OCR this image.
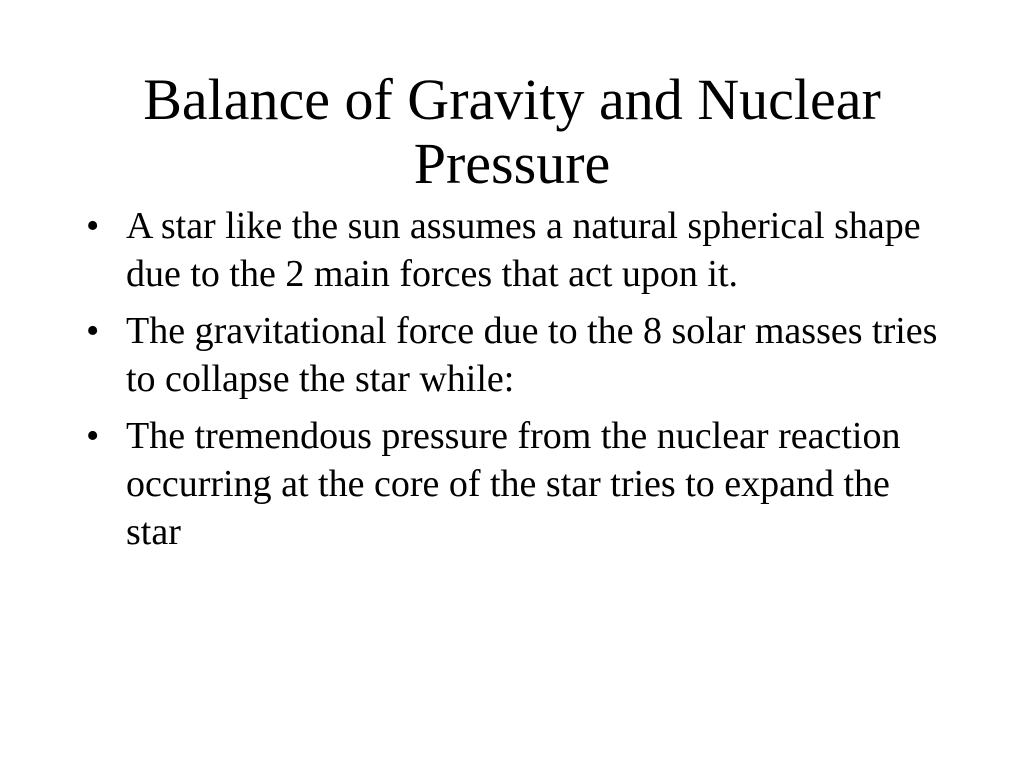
Balance of Gravity and Nuclear Pressure
• A star like the sun assumes a natural spherical shape due to the 2 main forces that act upon it.
• The gravitational force due to the 8 solar masses tries to collapse the star while:
• The tremendous pressure from the nuclear reaction occurring at the core of the star tries to expand the star
